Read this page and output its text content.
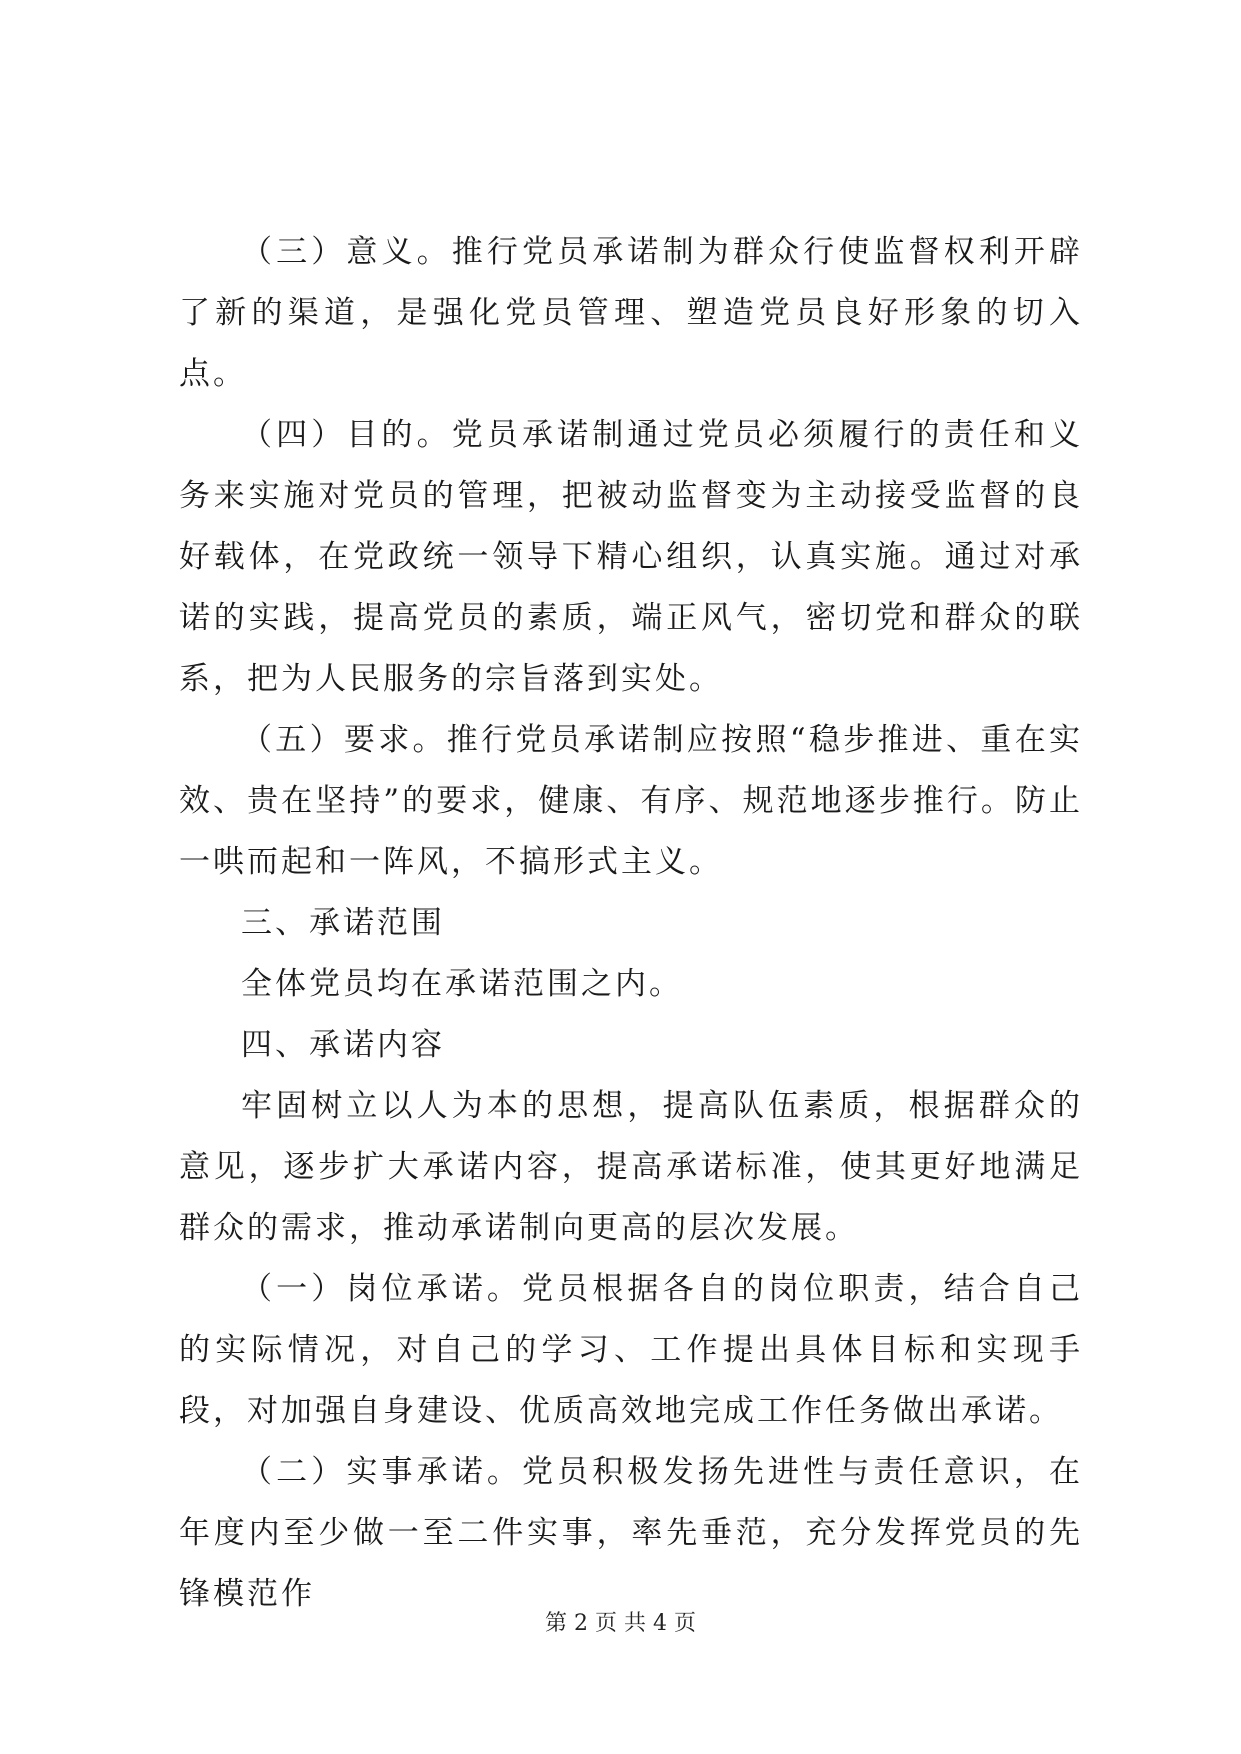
（三）意义。推行党员承诺制为群众行使监督权利开辟了新的渠道，是强化党员管理、塑造党员良好形象的切入点。

（四）目的。党员承诺制通过党员必须履行的责任和义务来实施对党员的管理，把被动监督变为主动接受监督的良好载体，在党政统一领导下精心组织，认真实施。通过对承诺的实践，提高党员的素质，端正风气，密切党和群众的联系，把为人民服务的宗旨落到实处。

（五）要求。推行党员承诺制应按照“稳步推进、重在实效、贵在坚持”的要求，健康、有序、规范地逐步推行。防止一哄而起和一阵风，不搞形式主义。

三、承诺范围

全体党员均在承诺范围之内。

四、承诺内容

牢固树立以人为本的思想，提高队伍素质，根据群众的意见，逐步扩大承诺内容，提高承诺标准，使其更好地满足群众的需求，推动承诺制向更高的层次发展。

（一）岗位承诺。党员根据各自的岗位职责，结合自己的实际情况，对自己的学习、工作提出具体目标和实现手段，对加强自身建设、优质高效地完成工作任务做出承诺。

（二）实事承诺。党员积极发扬先进性与责任意识，在年度内至少做一至二件实事，率先垂范，充分发挥党员的先锋模范作

第 2 页 共 4 页
